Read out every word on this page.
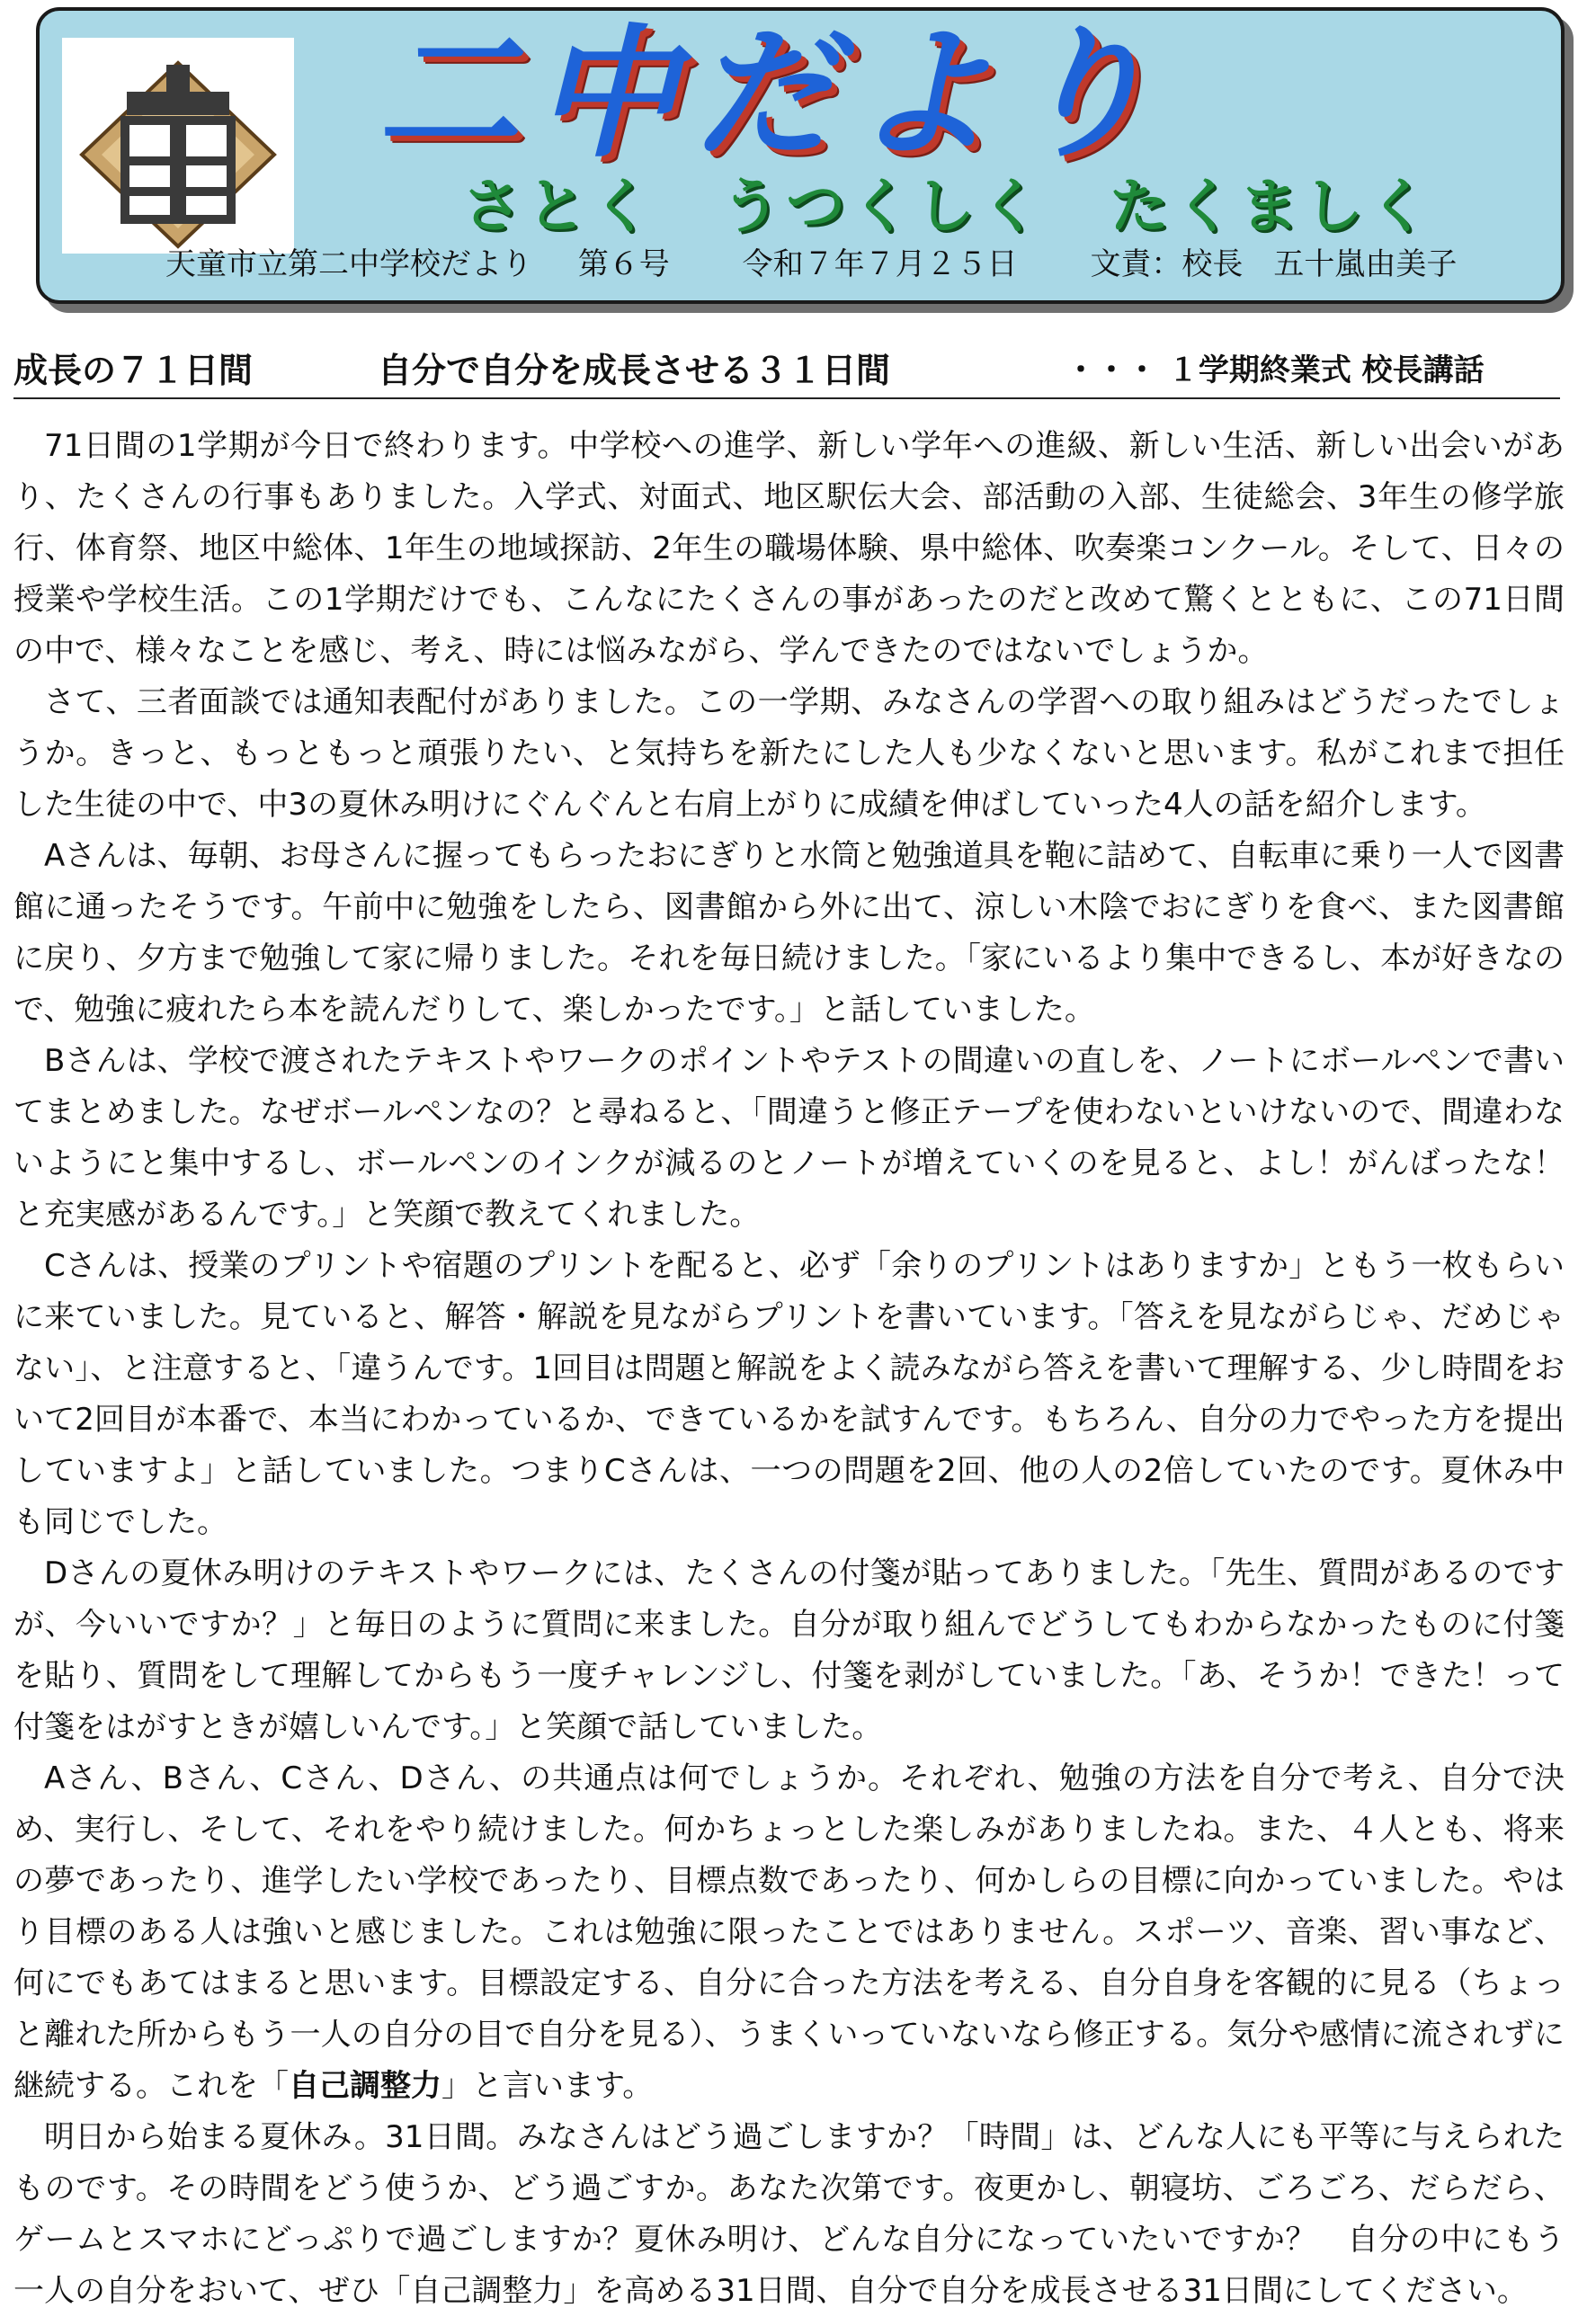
二中だより
さとく　うつくしく　たくましく
天童市立第二中学校だより 第６号 令和７年７月２５日 文責：校長　五十嵐由美子
成長の７１日間	自分で自分を成長させる３１日間	・・・ １学期終業式 校長講話

71日間の1学期が今日で終わります。中学校への進学、新しい学年への進級、新しい生活、新しい出会いがあり、たくさんの行事もありました。入学式、対面式、地区駅伝大会、部活動の入部、生徒総会、3年生の修学旅行、体育祭、地区中総体、1年生の地域探訪、2年生の職場体験、県中総体、吹奏楽コンクール。そして、日々の授業や学校生活。この1学期だけでも、こんなにたくさんの事があったのだと改めて驚くとともに、この71日間の中で、様々なことを感じ、考え、時には悩みながら、学んできたのではないでしょうか。

さて、三者面談では通知表配付がありました。この一学期、みなさんの学習への取り組みはどうだったでしょうか。きっと、もっともっと頑張りたい、と気持ちを新たにした人も少なくないと思います。私がこれまで担任した生徒の中で、中3の夏休み明けにぐんぐんと右肩上がりに成績を伸ばしていった4人の話を紹介します。

Aさんは、毎朝、お母さんに握ってもらったおにぎりと水筒と勉強道具を鞄に詰めて、自転車に乗り一人で図書館に通ったそうです。午前中に勉強をしたら、図書館から外に出て、涼しい木陰でおにぎりを食べ、また図書館に戻り、夕方まで勉強して家に帰りました。それを毎日続けました。「家にいるより集中できるし、本が好きなので、勉強に疲れたら本を読んだりして、楽しかったです。」と話していました。

Bさんは、学校で渡されたテキストやワークのポイントやテストの間違いの直しを、ノートにボールペンで書いてまとめました。なぜボールペンなの？と尋ねると、「間違うと修正テープを使わないといけないので、間違わないようにと集中するし、ボールペンのインクが減るのとノートが増えていくのを見ると、よし！がんばったな！と充実感があるんです。」と笑顔で教えてくれました。

Cさんは、授業のプリントや宿題のプリントを配ると、必ず「余りのプリントはありますか」ともう一枚もらいに来ていました。見ていると、解答・解説を見ながらプリントを書いています。「答えを見ながらじゃ、だめじゃない」、と注意すると、「違うんです。1回目は問題と解説をよく読みながら答えを書いて理解する、少し時間をおいて2回目が本番で、本当にわかっているか、できているかを試すんです。もちろん、自分の力でやった方を提出していますよ」と話していました。つまりCさんは、一つの問題を2回、他の人の2倍していたのです。夏休み中も同じでした。

Dさんの夏休み明けのテキストやワークには、たくさんの付箋が貼ってありました。「先生、質問があるのですが、今いいですか？」と毎日のように質問に来ました。自分が取り組んでどうしてもわからなかったものに付箋を貼り、質問をして理解してからもう一度チャレンジし、付箋を剥がしていました。「あ、そうか！できた！って付箋をはがすときが嬉しいんです。」と笑顔で話していました。

Aさん、Bさん、Cさん、Dさん、の共通点は何でしょうか。それぞれ、勉強の方法を自分で考え、自分で決め、実行し、そして、それをやり続けました。何かちょっとした楽しみがありましたね。また、４人とも、将来の夢であったり、進学したい学校であったり、目標点数であったり、何かしらの目標に向かっていました。やはり目標のある人は強いと感じました。これは勉強に限ったことではありません。スポーツ、音楽、習い事など、何にでもあてはまると思います。目標設定する、自分に合った方法を考える、自分自身を客観的に見る（ちょっと離れた所からもう一人の自分の目で自分を見る）、うまくいっていないなら修正する。気分や感情に流されずに継続する。これを「自己調整力」と言います。

明日から始まる夏休み。31日間。みなさんはどう過ごしますか？「時間」は、どんな人にも平等に与えられたものです。その時間をどう使うか、どう過ごすか。あなた次第です。夜更かし、朝寝坊、ごろごろ、だらだら、ゲームとスマホにどっぷりで過ごしますか？夏休み明け、どんな自分になっていたいですか？　自分の中にもう一人の自分をおいて、ぜひ「自己調整力」を高める31日間、自分で自分を成長させる31日間にしてください。
